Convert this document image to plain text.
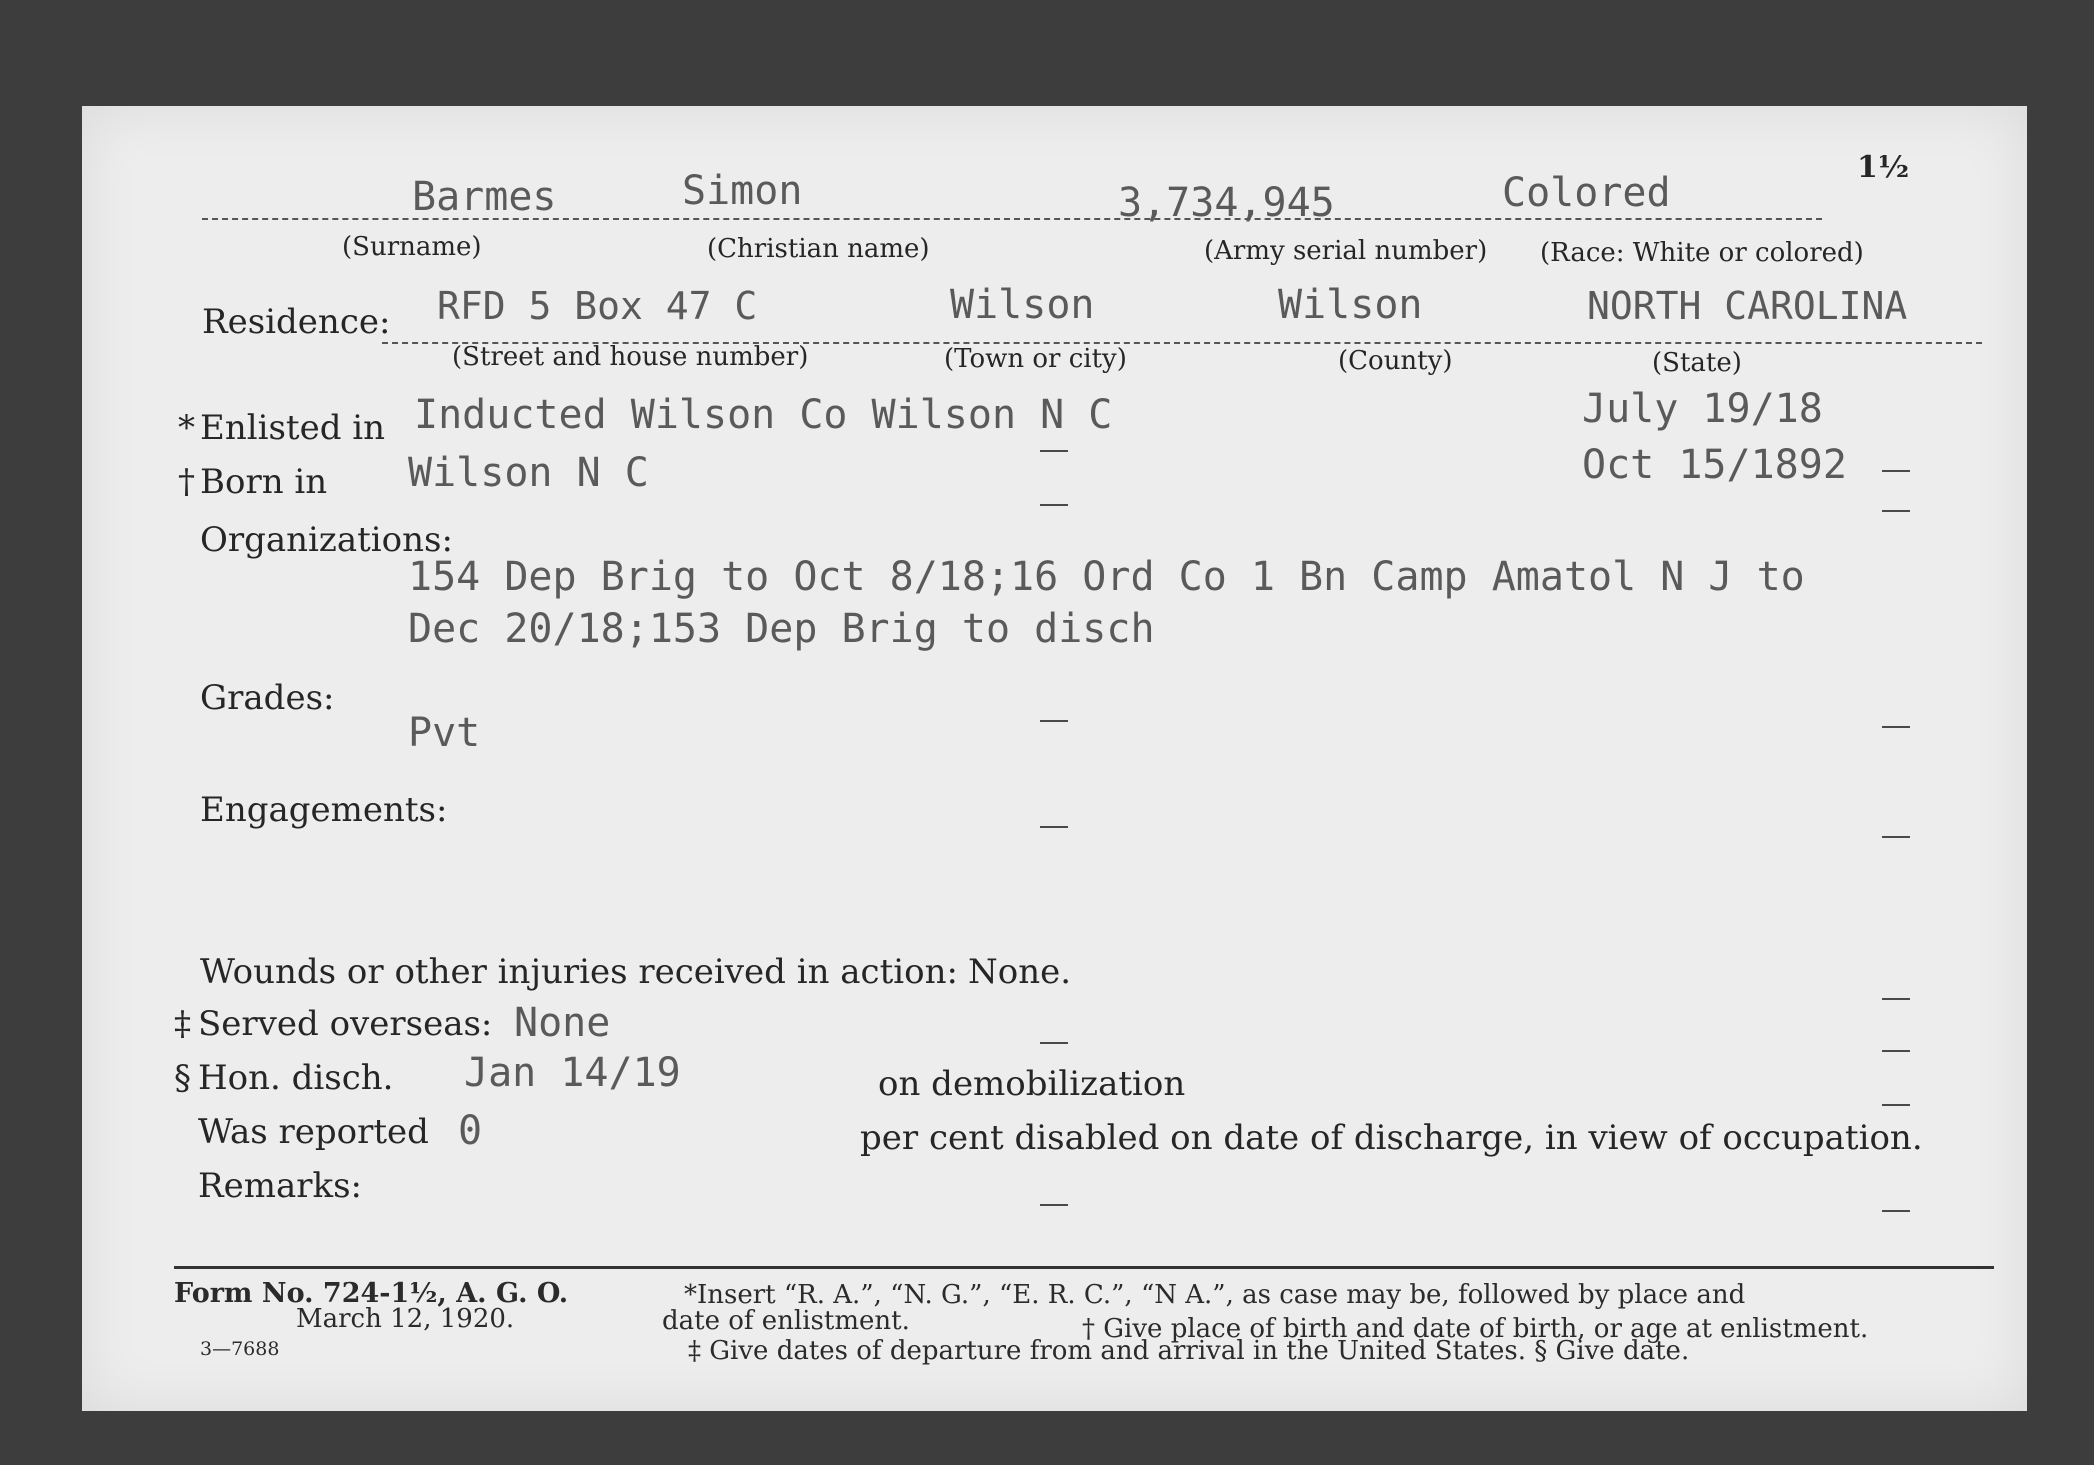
1½
Barmes	Simon	3,734,945	Colored
(Surname)	(Christian name)	(Army serial number) (Race: White or colored)
Residence: RFD 5 Box 47 C	Wilson	Wilson	NORTH CAROLINA
(Street and house number)	(Town or city)	(County)	(State)
* Enlisted in Inducted Wilson Co Wilson N C	July 19/18
† Born in Wilson N C	Oct 15/1892
Organizations:
154 Dep Brig to Oct 8/18;16 Ord Co 1 Bn Camp Amatol N J to
Dec 20/18;153 Dep Brig to disch
Grades:
Pvt
Engagements:
Wounds or other injuries received in action: None.
‡ Served overseas: None
§ Hon. disch. Jan 14/19	on demobilization
Was reported 0	per cent disabled on date of discharge, in view of occupation.
Remarks:
Form No. 724-1½, A. G. O.
March 12, 1920.
3—7688
*Insert “R. A.”, “N. G.”, “E. R. C.”, “N A.”, as case may be, followed by place and
date of enlistment.	† Give place of birth and date of birth, or age at enlistment.
‡ Give dates of departure from and arrival in the United States. § Give date.
